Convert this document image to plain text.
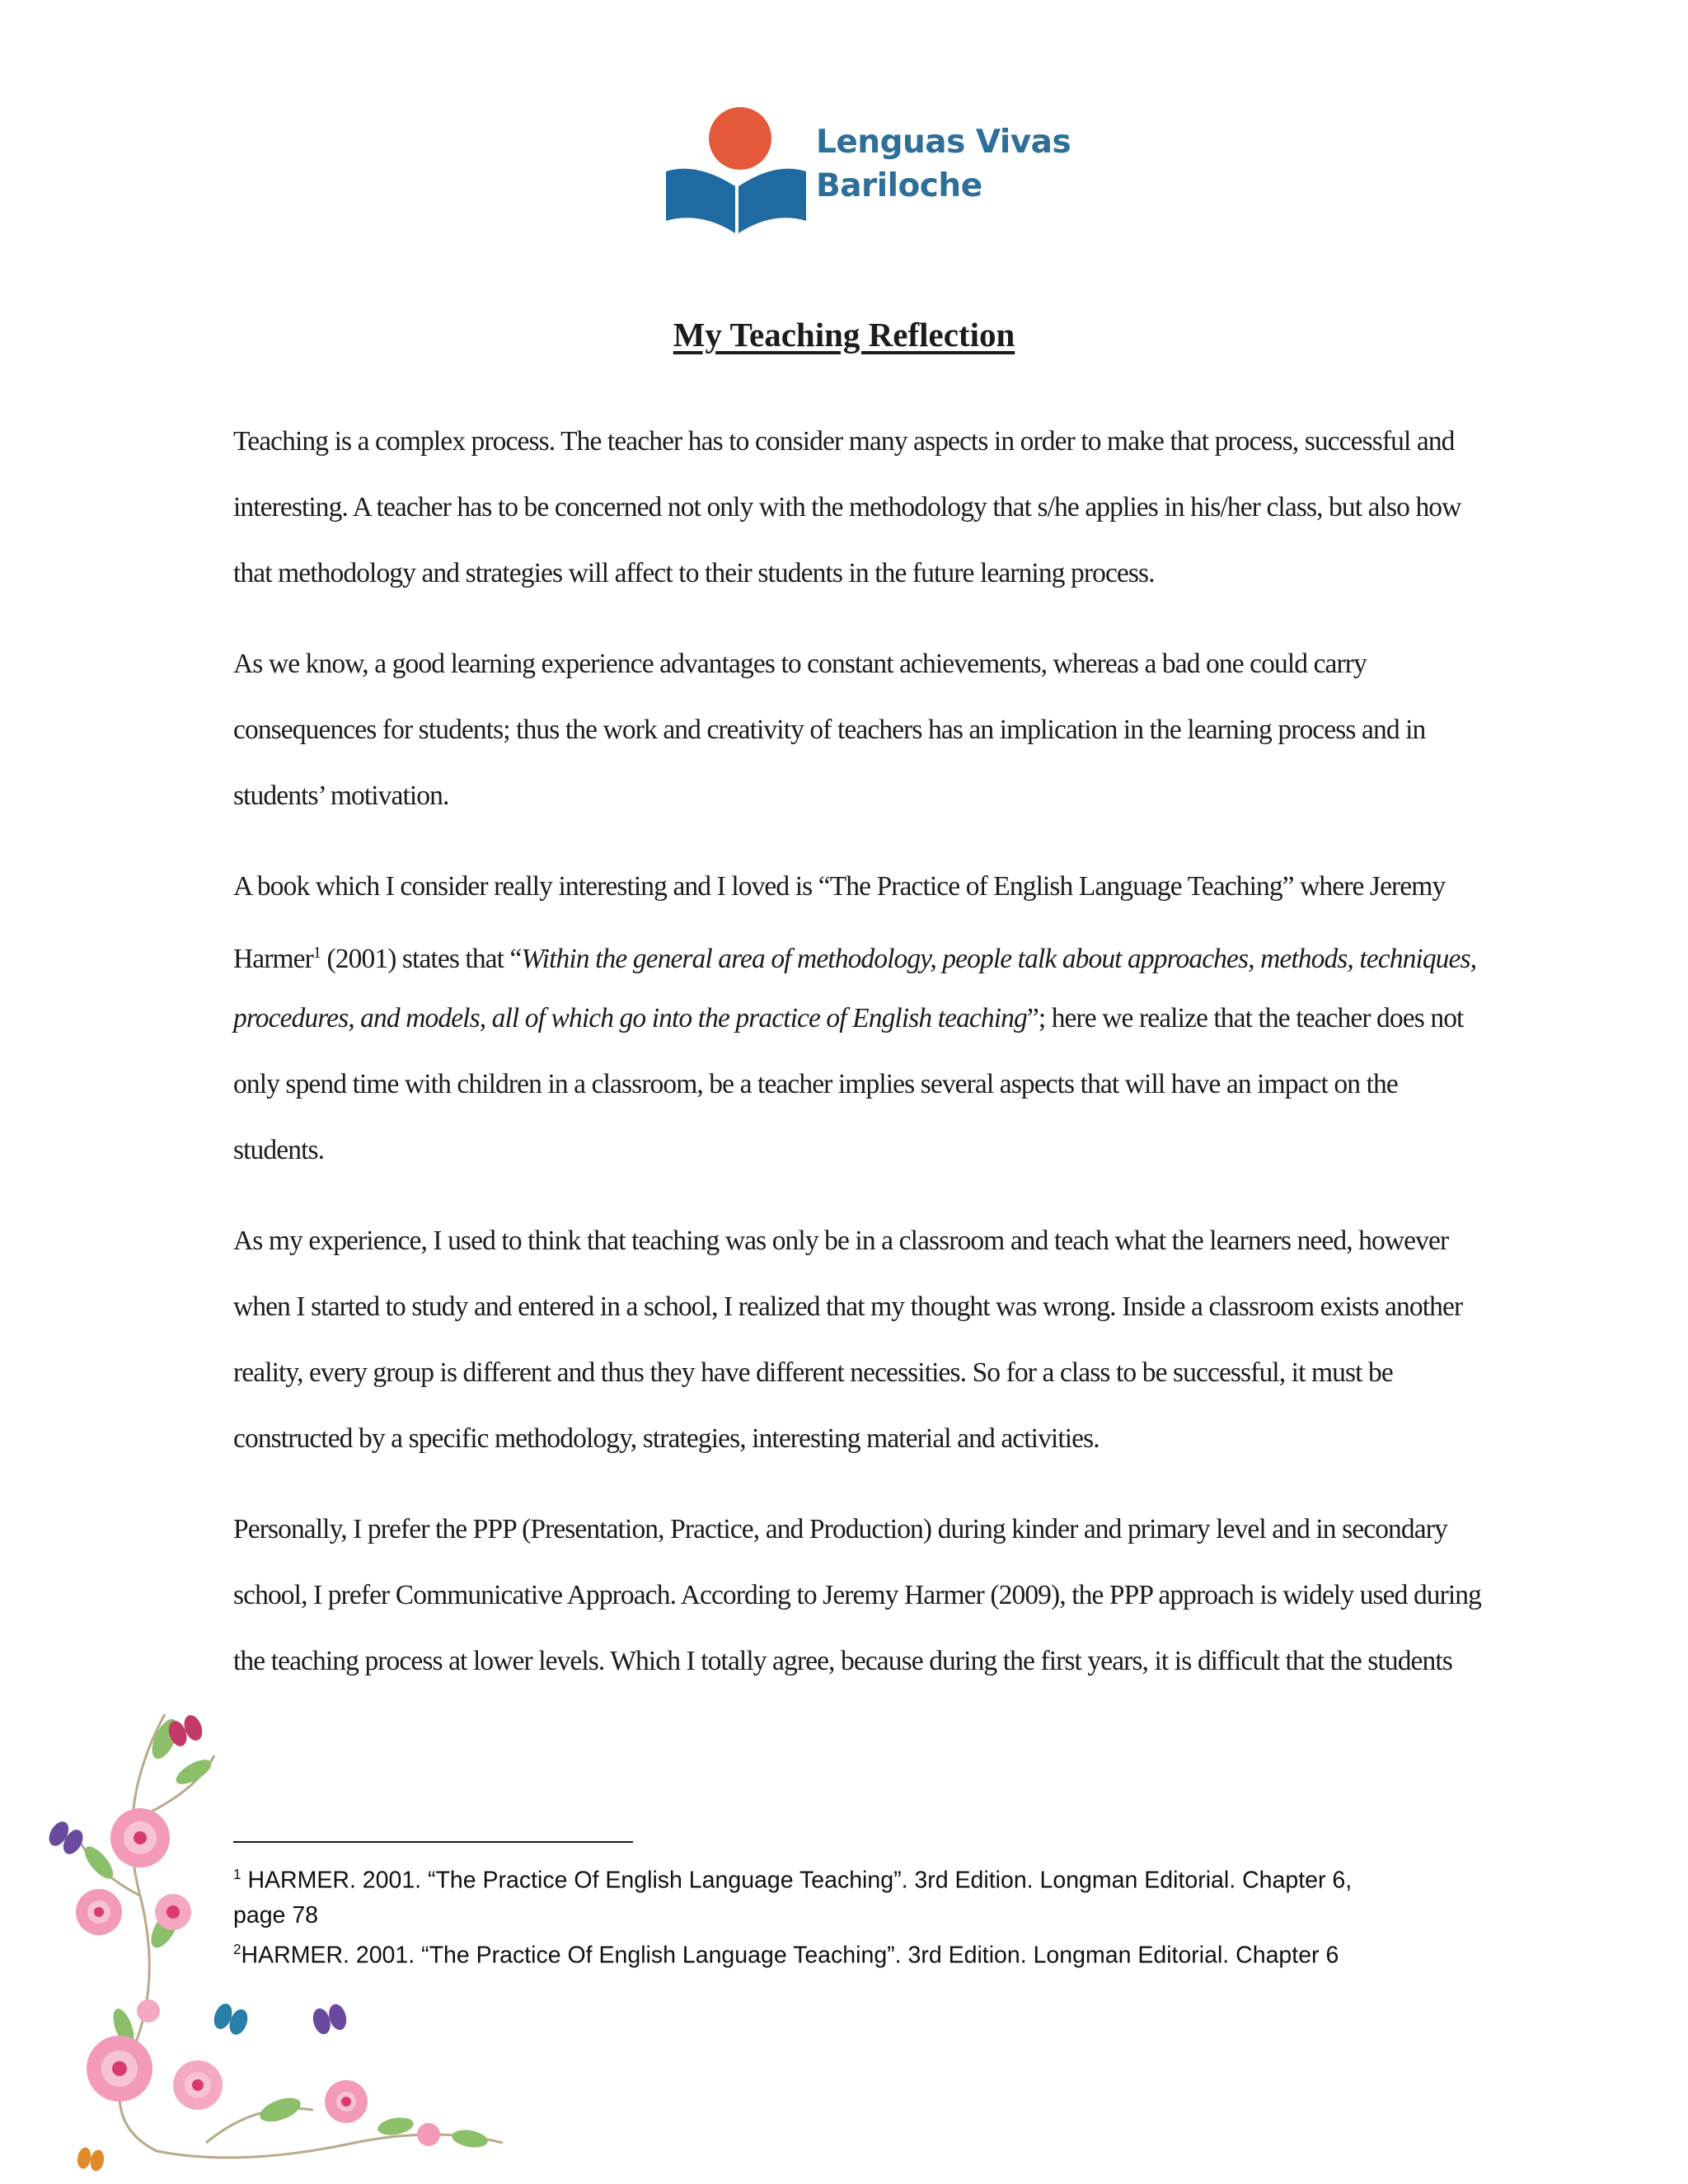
Lenguas Vivas
Bariloche
My Teaching Reflection
Teaching is a complex process. The teacher has to consider many aspects in order to make that process, successful and
interesting. A teacher has to be concerned not only with the methodology that s/he applies in his/her class, but also how
that methodology and strategies will affect to their students in the future learning process.
As we know, a good learning experience advantages to constant achievements, whereas a bad one could carry
consequences for students; thus the work and creativity of teachers has an implication in the learning process and in
students’ motivation.
A book which I consider really interesting and I loved is “The Practice of English Language Teaching” where Jeremy
Harmer$^1$ (2001) states that “Within the general area of methodology, people talk about approaches, methods, techniques,
procedures, and models, all of which go into the practice of English teaching”; here we realize that the teacher does not
only spend time with children in a classroom, be a teacher implies several aspects that will have an impact on the
students.
As my experience, I used to think that teaching was only be in a classroom and teach what the learners need, however
when I started to study and entered in a school, I realized that my thought was wrong. Inside a classroom exists another
reality, every group is different and thus they have different necessities. So for a class to be successful, it must be
constructed by a specific methodology, strategies, interesting material and activities.
Personally, I prefer the PPP (Presentation, Practice, and Production) during kinder and primary level and in secondary
school, I prefer Communicative Approach. According to Jeremy Harmer (2009), the PPP approach is widely used during
the teaching process at lower levels. Which I totally agree, because during the first years, it is difficult that the students
$^1$ HARMER. 2001. “The Practice Of English Language Teaching”. 3rd Edition. Longman Editorial. Chapter 6,
page 78
$^2$HARMER. 2001. “The Practice Of English Language Teaching”. 3rd Edition. Longman Editorial. Chapter 6
